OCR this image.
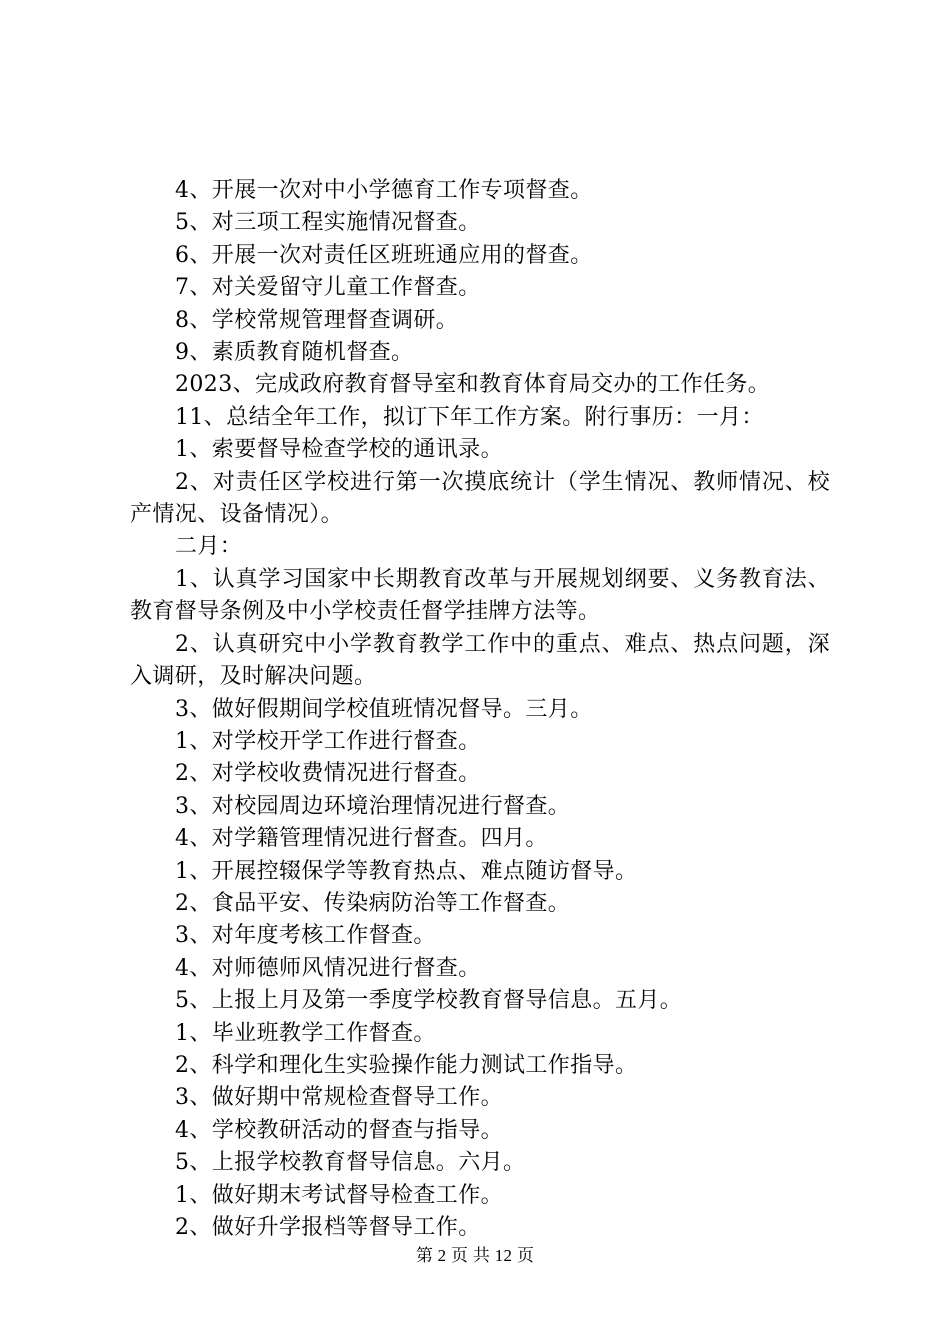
4、开展一次对中小学德育工作专项督查。

5、对三项工程实施情况督查。

6、开展一次对责任区班班通应用的督查。

7、对关爱留守儿童工作督查。

8、学校常规管理督查调研。

9、素质教育随机督查。

2023、完成政府教育督导室和教育体育局交办的工作任务。

11、总结全年工作，拟订下年工作方案。附行事历：一月：

1、索要督导检查学校的通讯录。

2、对责任区学校进行第一次摸底统计（学生情况、教师情况、校产情况、设备情况）。

二月：

1、认真学习国家中长期教育改革与开展规划纲要、义务教育法、教育督导条例及中小学校责任督学挂牌方法等。

2、认真研究中小学教育教学工作中的重点、难点、热点问题，深入调研，及时解决问题。

3、做好假期间学校值班情况督导。三月。

1、对学校开学工作进行督查。

2、对学校收费情况进行督查。

3、对校园周边环境治理情况进行督查。

4、对学籍管理情况进行督查。四月。

1、开展控辍保学等教育热点、难点随访督导。

2、食品平安、传染病防治等工作督查。

3、对年度考核工作督查。

4、对师德师风情况进行督查。

5、上报上月及第一季度学校教育督导信息。五月。

1、毕业班教学工作督查。

2、科学和理化生实验操作能力测试工作指导。

3、做好期中常规检查督导工作。

4、学校教研活动的督查与指导。

5、上报学校教育督导信息。六月。

1、做好期末考试督导检查工作。

2、做好升学报档等督导工作。

第 2 页 共 12 页
